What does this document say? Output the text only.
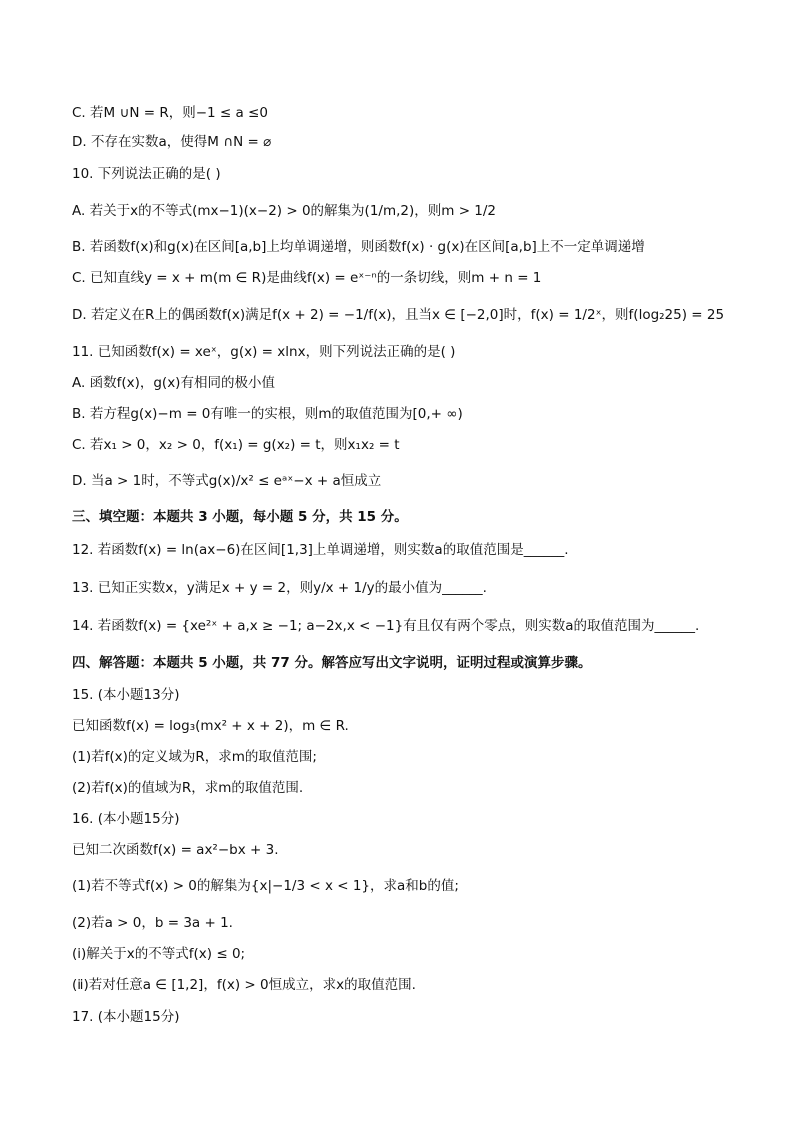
C. 若M ∪N = R，则−1 ≤ a ≤0
D. 不存在实数a，使得M ∩N = ⌀
10. 下列说法正确的是( )
A. 若关于x的不等式(mx−1)(x−2) > 0的解集为(1/m,2)，则m > 1/2
B. 若函数f(x)和g(x)在区间[a,b]上均单调递增，则函数f(x) · g(x)在区间[a,b]上不一定单调递增
C. 已知直线y = x + m(m ∈ R)是曲线f(x) = eˣ⁻ⁿ的一条切线，则m + n = 1
D. 若定义在R上的偶函数f(x)满足f(x + 2) = −1/f(x)，且当x ∈ [−2,0]时，f(x) = 1/2ˣ，则f(log₂25) = 25
11. 已知函数f(x) = xeˣ，g(x) = xlnx，则下列说法正确的是( )
A. 函数f(x)，g(x)有相同的极小值
B. 若方程g(x)−m = 0有唯一的实根，则m的取值范围为[0,+ ∞)
C. 若x₁ > 0，x₂ > 0，f(x₁) = g(x₂) = t，则x₁x₂ = t
D. 当a > 1时，不等式g(x)/x² ≤ eᵃˣ−x + a恒成立
三、填空题：本题共 3 小题，每小题 5 分，共 15 分。
12. 若函数f(x) = ln(ax−6)在区间[1,3]上单调递增，则实数a的取值范围是______.
13. 已知正实数x，y满足x + y = 2，则y/x + 1/y的最小值为______.
14. 若函数f(x) = {xe²ˣ + a,x ≥ −1; a−2x,x < −1}有且仅有两个零点，则实数a的取值范围为______.
四、解答题：本题共 5 小题，共 77 分。解答应写出文字说明，证明过程或演算步骤。
15. (本小题13分)
已知函数f(x) = log₃(mx² + x + 2)，m ∈ R.
(1)若f(x)的定义域为R，求m的取值范围;
(2)若f(x)的值域为R，求m的取值范围.
16. (本小题15分)
已知二次函数f(x) = ax²−bx + 3.
(1)若不等式f(x) > 0的解集为{x|−1/3 < x < 1}，求a和b的值;
(2)若a > 0，b = 3a + 1.
(ⅰ)解关于x的不等式f(x) ≤ 0;
(ⅱ)若对任意a ∈ [1,2]，f(x) > 0恒成立，求x的取值范围.
17. (本小题15分)
